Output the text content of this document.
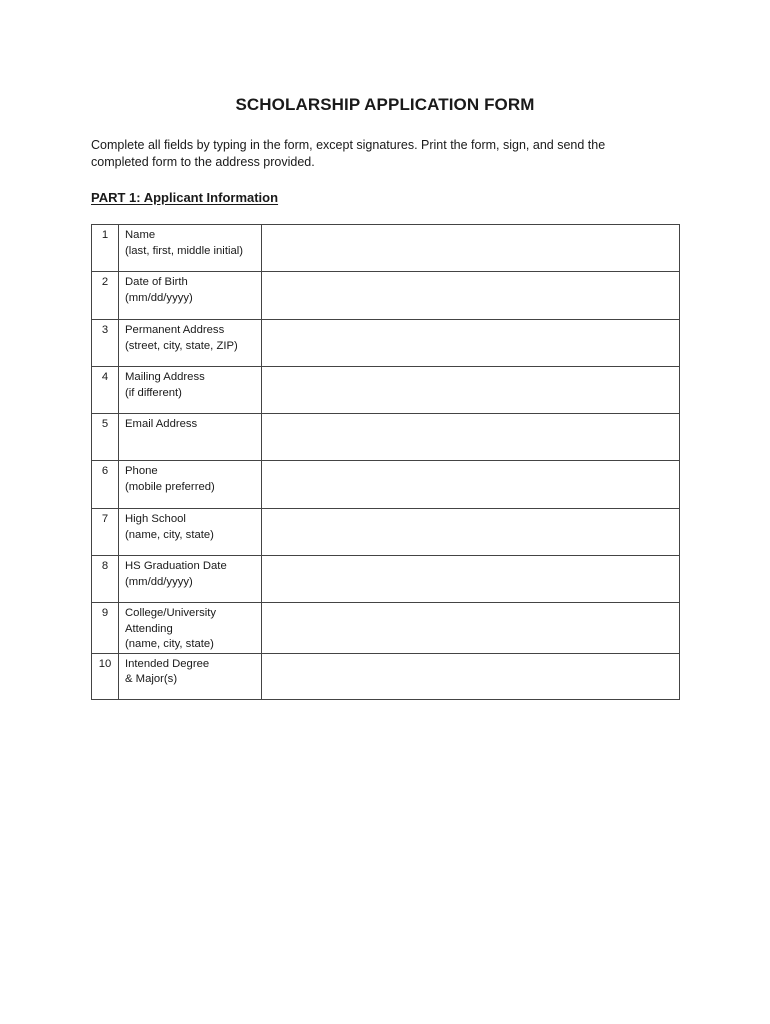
SCHOLARSHIP APPLICATION FORM

Complete all fields by typing in the form, except signatures. Print the form, sign, and send the

completed form to the address provided.

PART 1: Applicant Information
1	Name
(last, first, middle initial)	

2	Date of Birth
(mm/dd/yyyy)	

3	Permanent Address
(street, city, state, ZIP)	

4	Mailing Address
(if different)	

5	Email Address	

6	Phone
(mobile preferred)	

7	High School
(name, city, state)	

8	HS Graduation Date
(mm/dd/yyyy)	

9	College/University
Attending
(name, city, state)	

10	Intended Degree
& Major(s)	
